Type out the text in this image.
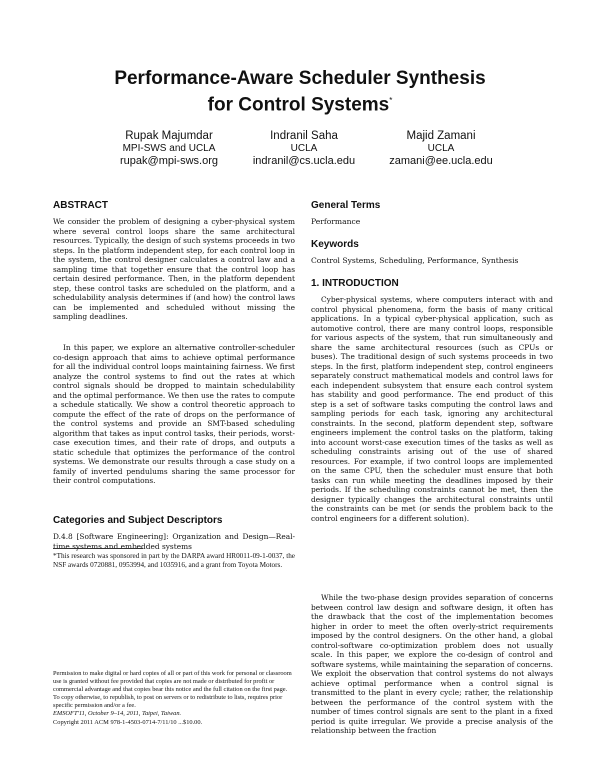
Performance-Aware Scheduler Synthesis
for Control Systems*
Rupak Majumdar
MPI-SWS and UCLA
rupak@mpi-sws.org
Indranil Saha
UCLA
indranil@cs.ucla.edu
Majid Zamani
UCLA
zamani@ee.ucla.edu
ABSTRACT

We consider the problem of designing a cyber-physical system where several control loops share the same architectural resources. Typically, the design of such systems proceeds in two steps. In the platform independent step, for each control loop in the system, the control designer calculates a control law and a sampling time that together ensure that the control loop has certain desired performance. Then, in the platform dependent step, these control tasks are scheduled on the platform, and a schedulability analysis determines if (and how) the control laws can be implemented and scheduled without missing the sampling deadlines.

In this paper, we explore an alternative controller-scheduler co-design approach that aims to achieve optimal performance for all the individual control loops maintaining fairness. We first analyze the control systems to find out the rates at which control signals should be dropped to maintain schedulability and the optimal performance. We then use the rates to compute a schedule statically. We show a control theoretic approach to compute the effect of the rate of drops on the performance of the control systems and provide an SMT-based scheduling algorithm that takes as input control tasks, their periods, worst-case execution times, and their rate of drops, and outputs a static schedule that optimizes the performance of the control systems. We demonstrate our results through a case study on a family of inverted pendulums sharing the same processor for their control computations.

Categories and Subject Descriptors

D.4.8 [Software Engineering]: Organization and Design—Real-time systems and embedded systems

*This research was sponsored in part by the DARPA award HR0011-09-1-0037, the NSF awards 0720881, 0953994, and 1035916, and a grant from Toyota Motors.

Permission to make digital or hard copies of all or part of this work for personal or classroom use is granted without fee provided that copies are not made or distributed for profit or commercial advantage and that copies bear this notice and the full citation on the first page. To copy otherwise, to republish, to post on servers or to redistribute to lists, requires prior specific permission and/or a fee.

EMSOFT'11, October 9–14, 2011, Taipei, Taiwan.

Copyright 2011 ACM 978-1-4503-0714-7/11/10 ...$10.00.

General Terms

Performance

Keywords

Control Systems, Scheduling, Performance, Synthesis

1. INTRODUCTION

Cyber-physical systems, where computers interact with and control physical phenomena, form the basis of many critical applications. In a typical cyber-physical application, such as automotive control, there are many control loops, responsible for various aspects of the system, that run simultaneously and share the same architectural resources (such as CPUs or buses). The traditional design of such systems proceeds in two steps. In the first, platform independent step, control engineers separately construct mathematical models and control laws for each independent subsystem that ensure each control system has stability and good performance. The end product of this step is a set of software tasks computing the control laws and sampling periods for each task, ignoring any architectural constraints. In the second, platform dependent step, software engineers implement the control tasks on the platform, taking into account worst-case execution times of the tasks as well as scheduling constraints arising out of the use of shared resources. For example, if two control loops are implemented on the same CPU, then the scheduler must ensure that both tasks can run while meeting the deadlines imposed by their periods. If the scheduling constraints cannot be met, then the designer typically changes the architectural constraints until the constraints can be met (or sends the problem back to the control engineers for a different solution).

While the two-phase design provides separation of concerns between control law design and software design, it often has the drawback that the cost of the implementation becomes higher in order to meet the often overly-strict requirements imposed by the control designers. On the other hand, a global control-software co-optimization problem does not usually scale. In this paper, we explore the co-design of control and software systems, while maintaining the separation of concerns. We exploit the observation that control systems do not always achieve optimal performance when a control signal is transmitted to the plant in every cycle; rather, the relationship between the performance of the control system with the number of times control signals are sent to the plant in a fixed period is quite irregular. We provide a precise analysis of the relationship between the fraction
